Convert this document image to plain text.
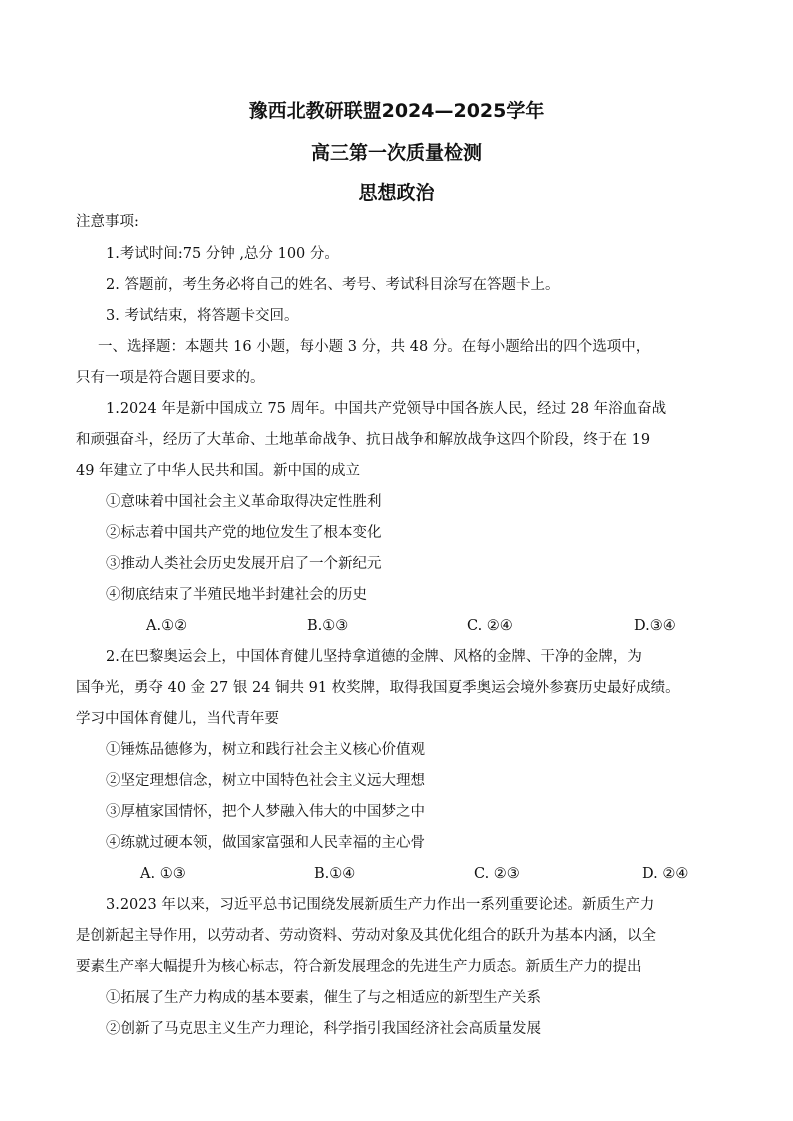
豫西北教研联盟2024—2025学年
高三第一次质量检测
思想政治
注意事项:
1.考试时间:75 分钟 ,总分 100 分。
2. 答题前，考生务必将自己的姓名、考号、考试科目涂写在答题卡上。
3. 考试结束，将答题卡交回。
一、选择题：本题共 16 小题，每小题 3 分，共 48 分。在每小题给出的四个选项中，
只有一项是符合题目要求的。
1.2024 年是新中国成立 75 周年。中国共产党领导中国各族人民，经过 28 年浴血奋战
和顽强奋斗，经历了大革命、土地革命战争、抗日战争和解放战争这四个阶段，终于在 19
49 年建立了中华人民共和国。新中国的成立
①意味着中国社会主义革命取得决定性胜利
②标志着中国共产党的地位发生了根本变化
③推动人类社会历史发展开启了一个新纪元
④彻底结束了半殖民地半封建社会的历史
A.①②	B.①③	C. ②④	D.③④
2.在巴黎奥运会上，中国体育健儿坚持拿道德的金牌、风格的金牌、干净的金牌，为
国争光，勇夺 40 金 27 银 24 铜共 91 枚奖牌，取得我国夏季奥运会境外参赛历史最好成绩。
学习中国体育健儿，当代青年要
①锤炼品德修为，树立和践行社会主义核心价值观
②坚定理想信念，树立中国特色社会主义远大理想
③厚植家国情怀，把个人梦融入伟大的中国梦之中
④练就过硬本领，做国家富强和人民幸福的主心骨
A. ①③	B.①④	C. ②③	D. ②④
3.2023 年以来，习近平总书记围绕发展新质生产力作出一系列重要论述。新质生产力
是创新起主导作用，以劳动者、劳动资料、劳动对象及其优化组合的跃升为基本内涵，以全
要素生产率大幅提升为核心标志，符合新发展理念的先进生产力质态。新质生产力的提出
①拓展了生产力构成的基本要素，催生了与之相适应的新型生产关系
②创新了马克思主义生产力理论，科学指引我国经济社会高质量发展
